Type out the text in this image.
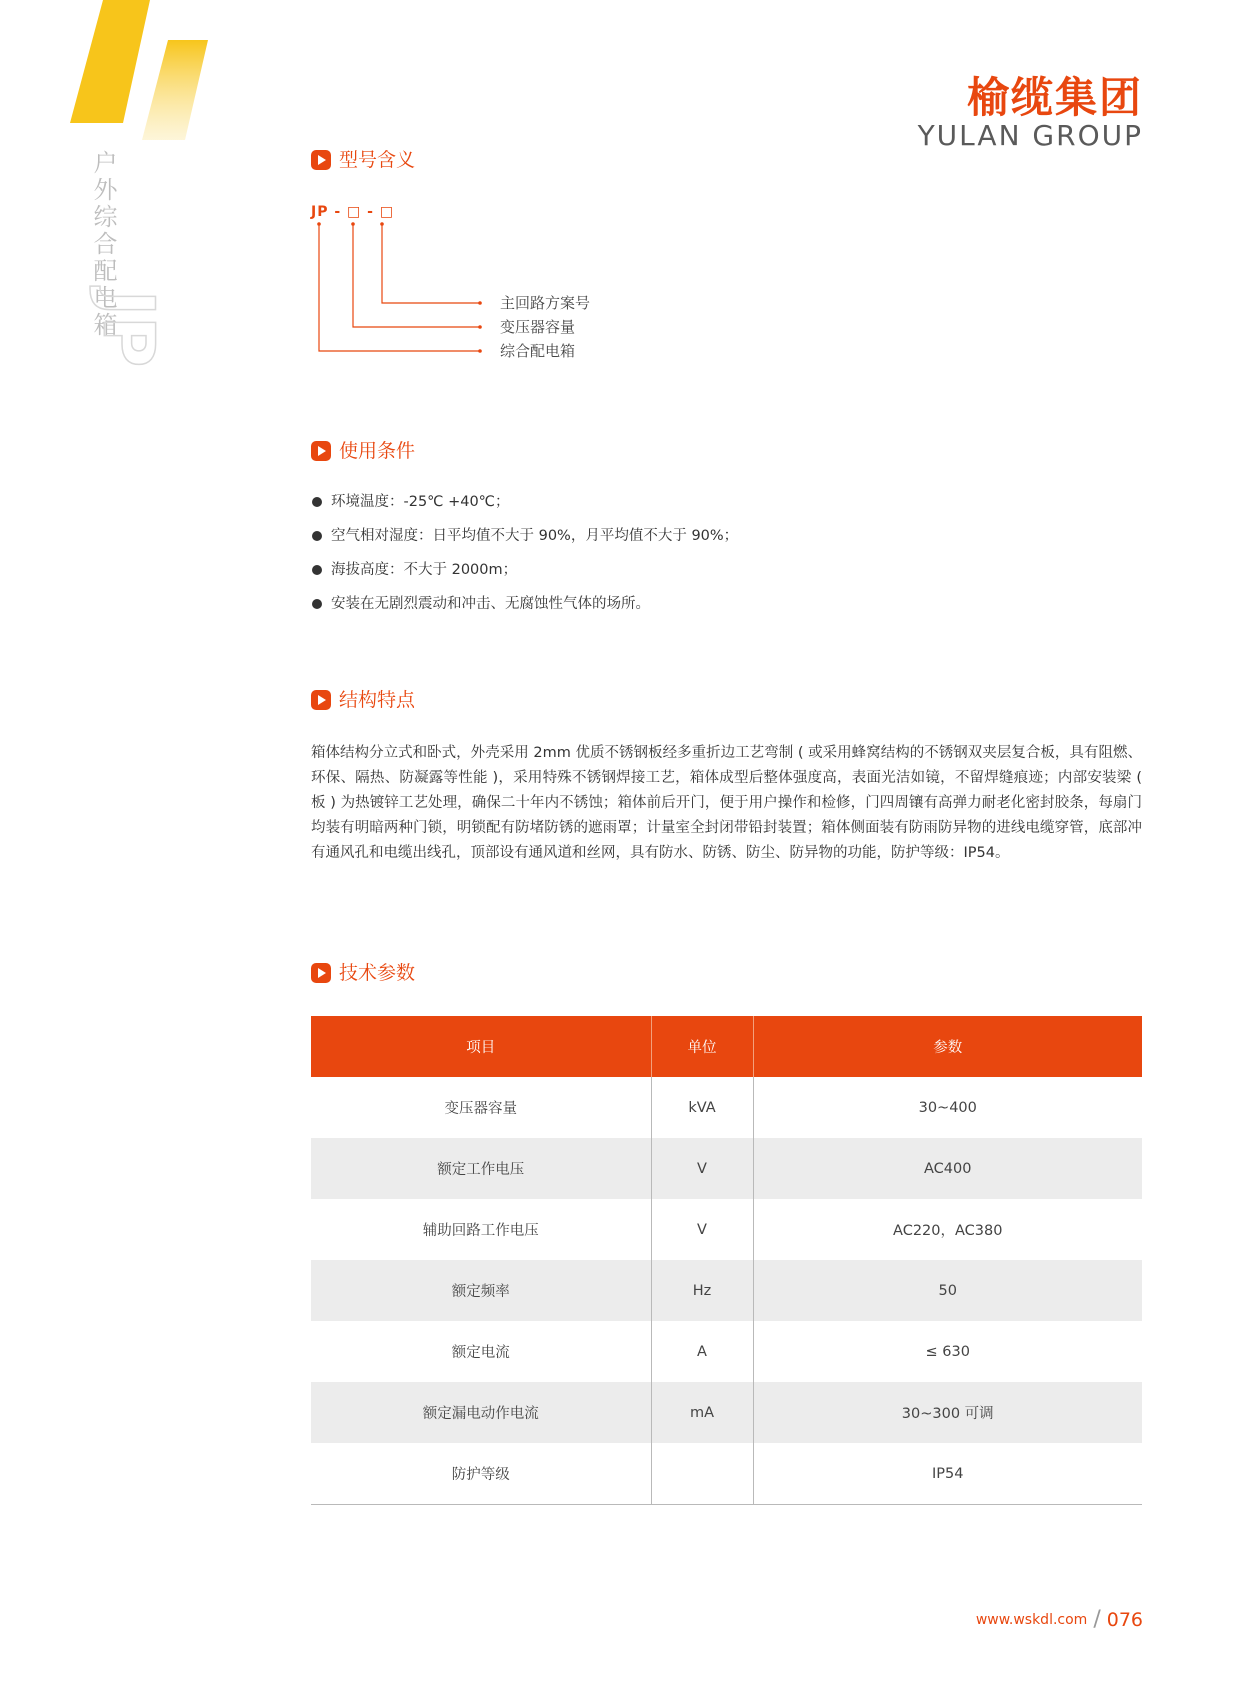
户外综合配电箱
JP
榆缆集团
YULAN GROUP
型号含义
JP - □ - □
主回路方案号
变压器容量
综合配电箱
使用条件
环境温度：-25℃ +40℃；
空气相对湿度：日平均值不大于 90%，月平均值不大于 90%；
海拔高度：不大于 2000m；
安装在无剧烈震动和冲击、无腐蚀性气体的场所。
结构特点

箱体结构分立式和卧式，外壳采用 2mm 优质不锈钢板经多重折边工艺弯制 ( 或采用蜂窝结构的不锈钢双夹层复合板，具有阻燃、环保、隔热、防凝露等性能 )，采用特殊不锈钢焊接工艺，箱体成型后整体强度高，表面光洁如镜，不留焊缝痕迹；内部安装梁 ( 板 ) 为热镀锌工艺处理，确保二十年内不锈蚀；箱体前后开门，便于用户操作和检修，门四周镶有高弹力耐老化密封胶条，每扇门均装有明暗两种门锁，明锁配有防堵防锈的遮雨罩；计量室全封闭带铅封装置；箱体侧面装有防雨防异物的进线电缆穿管，底部冲有通风孔和电缆出线孔，顶部设有通风道和丝网，具有防水、防锈、防尘、防异物的功能，防护等级：IP54。

技术参数
项目	单位	参数
变压器容量	kVA	30~400
额定工作电压	V	AC400
辅助回路工作电压	V	AC220，AC380
额定频率	Hz	50
额定电流	A	≤ 630
额定漏电动作电流	mA	30~300 可调
防护等级		IP54
www.wskdl.com / 076
